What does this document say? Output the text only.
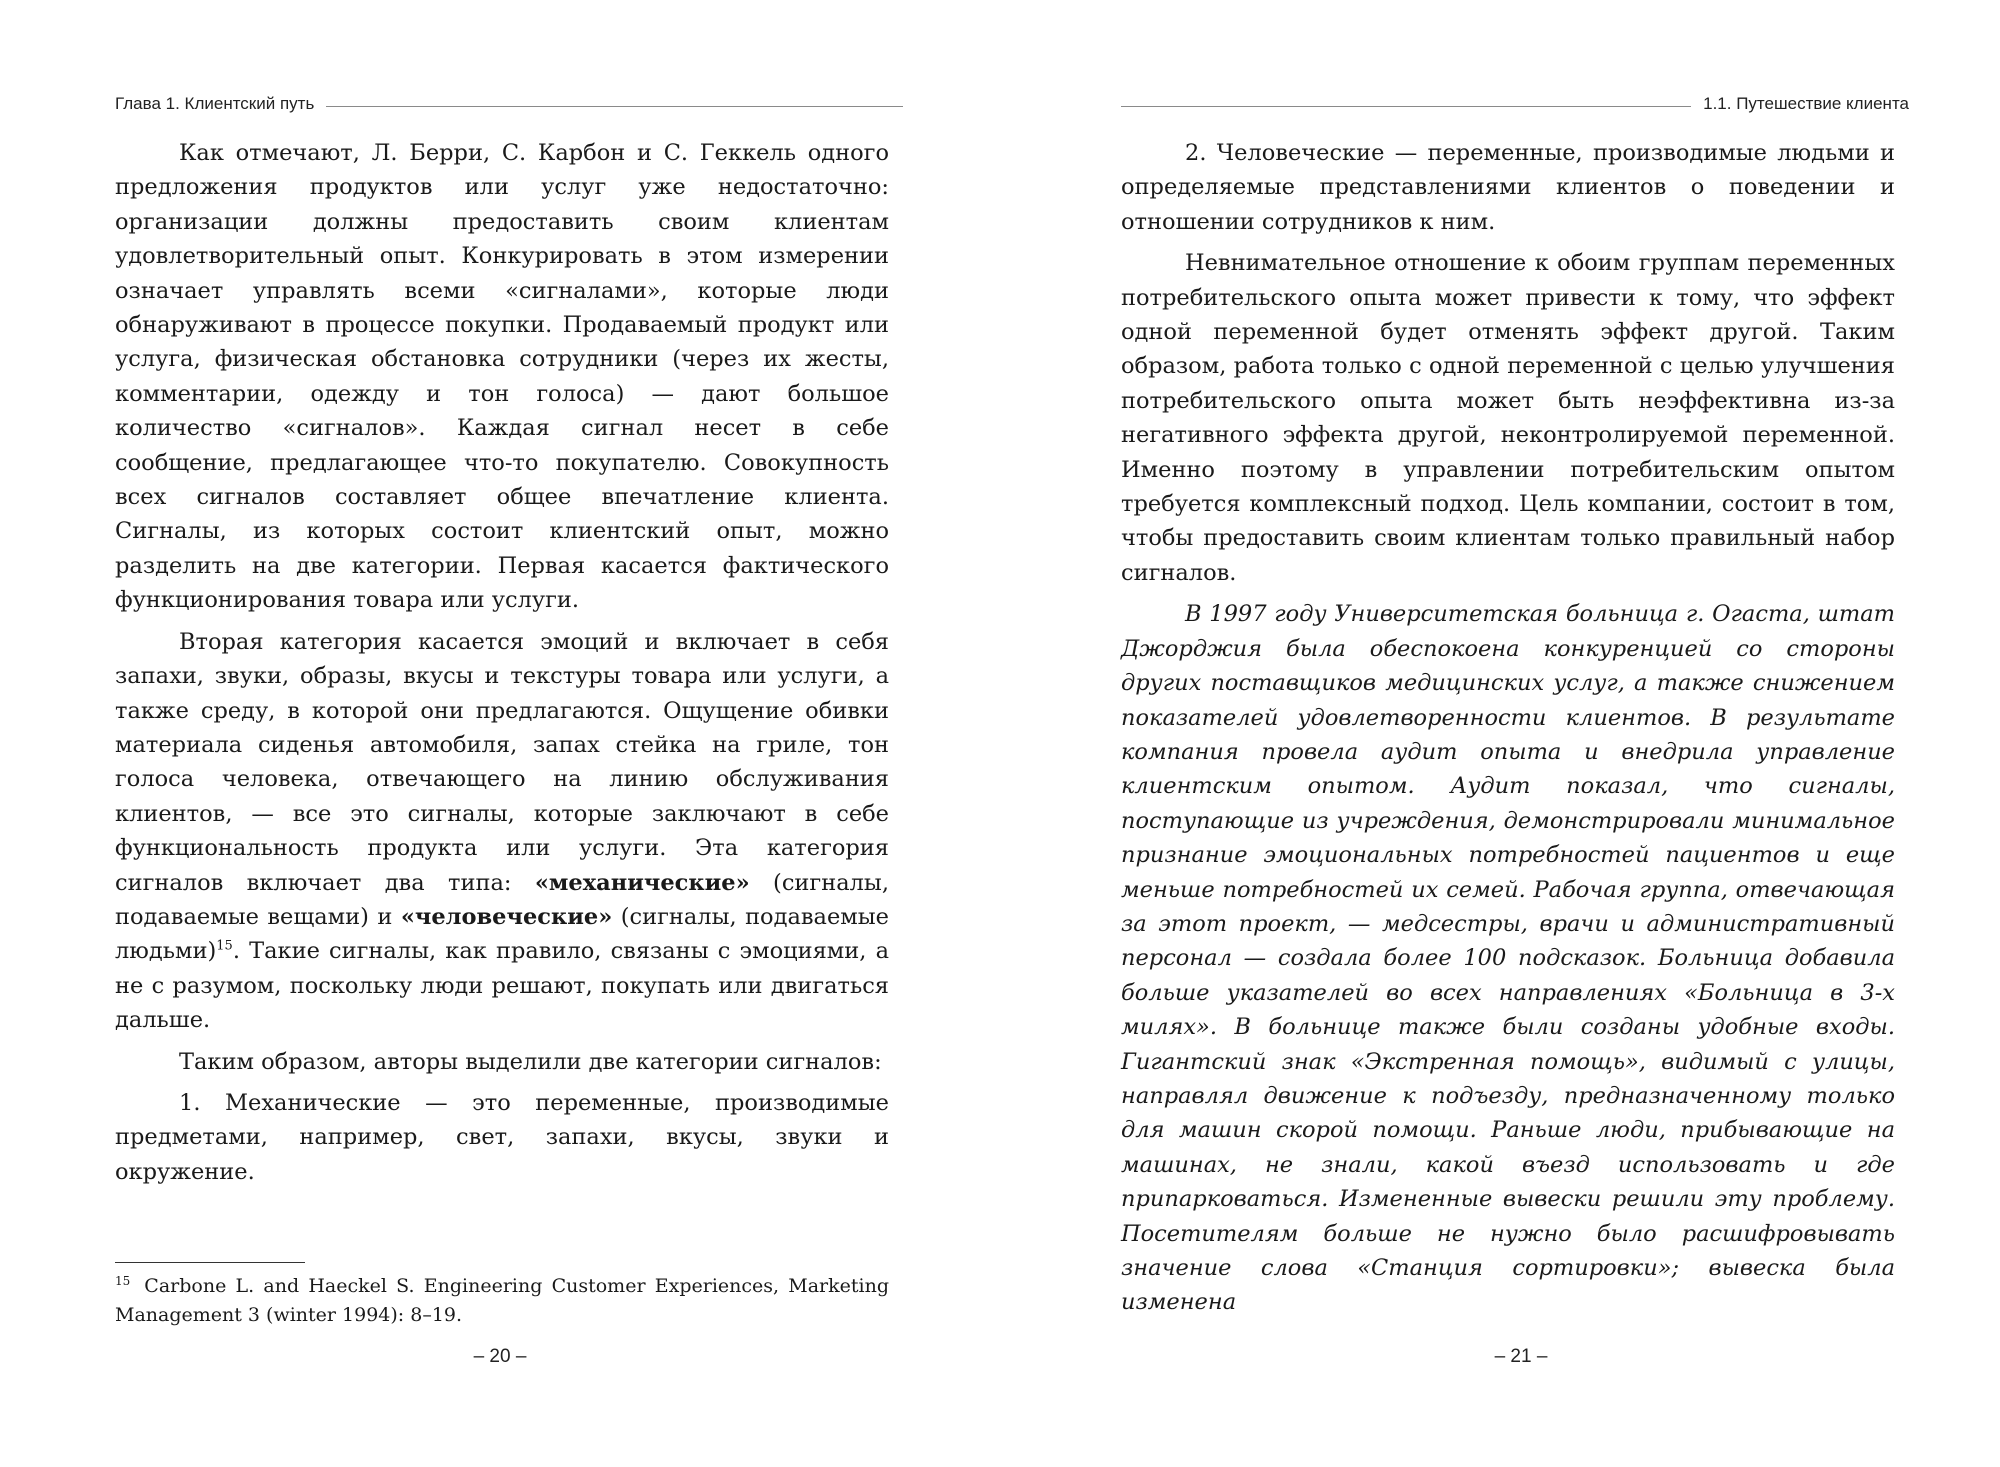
Глава 1. Клиентский путь

Как отмечают, Л. Берри, С. Карбон и С. Геккель одного предложения продуктов или услуг уже недостаточно: организации должны предоставить своим клиентам удовлетворительный опыт. Конкурировать в этом измерении означает управлять всеми «сигналами», которые люди обнаруживают в процессе покупки. Продаваемый продукт или услуга, физическая обстановка сотрудники (через их жесты, комментарии, одежду и тон голоса) — дают большое количество «сигналов». Каждая сигнал несет в себе сообщение, предлагающее что-то покупателю. Совокупность всех сигналов составляет общее впечатление клиента. Сигналы, из которых состоит клиентский опыт, можно разделить на две категории. Первая касается фактического функционирования товара или услуги.

Вторая категория касается эмоций и включает в себя запахи, звуки, образы, вкусы и текстуры товара или услуги, а также среду, в которой они предлагаются. Ощущение обивки материала сиденья автомобиля, запах стейка на гриле, тон голоса человека, отвечающего на линию обслуживания клиентов, — все это сигналы, которые заключают в себе функциональность продукта или услуги. Эта категория сигналов включает два типа: «механические» (сигналы, подаваемые вещами) и «человеческие» (сигналы, подаваемые людьми)$^{15}$. Такие сигналы, как правило, связаны с эмоциями, а не с разумом, поскольку люди решают, покупать или двигаться дальше.

Таким образом, авторы выделили две категории сигналов:

1. Механические — это переменные, производимые предметами, например, свет, запахи, вкусы, звуки и окружение.

$^{15}$ Carbone L. and Haeckel S. Engineering Customer Experiences, Marketing Management 3 (winter 1994): 8–19.
– 20 –
1.1. Путешествие клиента

2. Человеческие — переменные, производимые людьми и определяемые представлениями клиентов о поведении и отношении сотрудников к ним.

Невнимательное отношение к обоим группам переменных потребительского опыта может привести к тому, что эффект одной переменной будет отменять эффект другой. Таким образом, работа только с одной переменной с целью улучшения потребительского опыта может быть неэффективна из-за негативного эффекта другой, неконтролируемой переменной. Именно поэтому в управлении потребительским опытом требуется комплексный подход. Цель компании, состоит в том, чтобы предоставить своим клиентам только правильный набор сигналов.

В 1997 году Университетская больница г. Огаста, штат Джорджия была обеспокоена конкуренцией со стороны других поставщиков медицинских услуг, а также снижением показателей удовлетворенности клиентов. В результате компания провела аудит опыта и внедрила управление клиентским опытом. Аудит показал, что сигналы, поступающие из учреждения, демонстрировали минимальное признание эмоциональных потребностей пациентов и еще меньше потребностей их семей. Рабочая группа, отвечающая за этот проект, — медсестры, врачи и административный персонал — создала более 100 подсказок. Больница добавила больше указателей во всех направлениях «Больница в 3-х милях». В больнице также были созданы удобные входы. Гигантский знак «Экстренная помощь», видимый с улицы, направлял движение к подъезду, предназначенному только для машин скорой помощи. Раньше люди, прибывающие на машинах, не знали, какой въезд использовать и где припарковаться. Измененные вывески решили эту проблему. Посетителям больше не нужно было расшифровывать значение слова «Станция сортировки»; вывеска была изменена

– 21 –
